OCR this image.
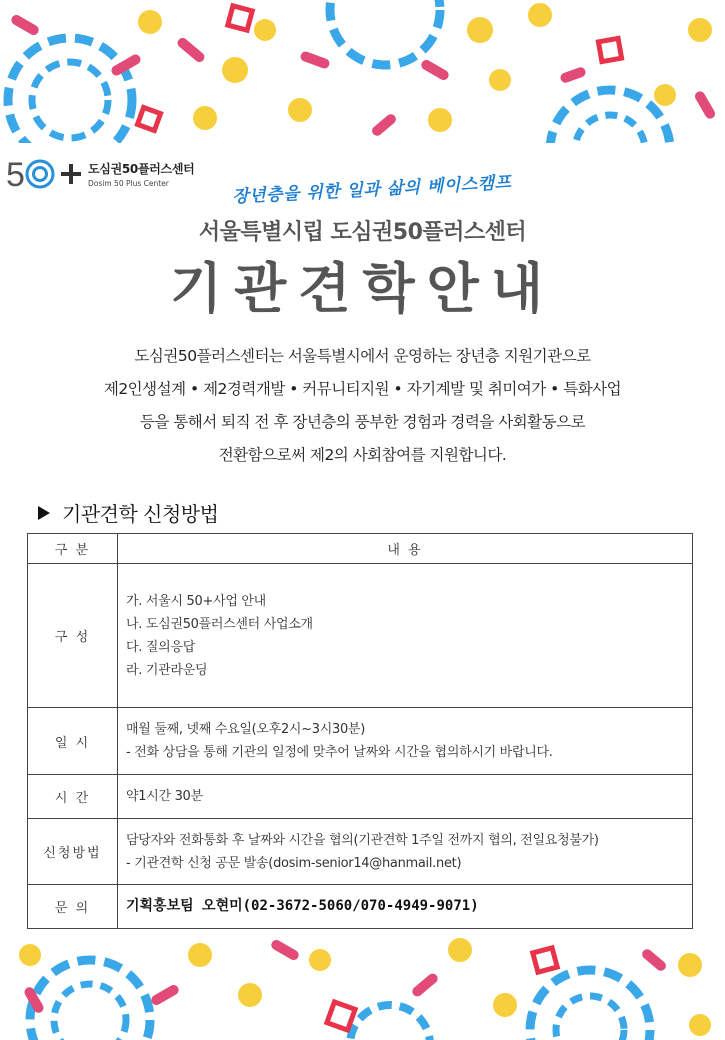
5	도심권50플러스센터
Dosim 50 Plus Center	장년층을 위한 일과 삶의 베이스캠프
서울특별시립 도심권50플러스센터
기관견학안내
도심권50플러스센터는 서울특별시에서 운영하는 장년층 지원기관으로
제2인생설계 • 제2경력개발 • 커뮤니티지원 • 자기계발 및 취미여가 • 특화사업
등을 통해서 퇴직 전 후 장년층의 풍부한 경험과 경력을 사회활동으로
전환함으로써 제2의 사회참여를 지원합니다.
기관견학 신청방법
구 분	내 용
구 성	가. 서울시 50+사업 안내
나. 도심권50플러스센터 사업소개
다. 질의응답
라. 기관라운딩

일 시	매월 둘째, 넷째 수요일(오후2시~3시30분)
- 전화 상담을 통해 기관의 일정에 맞추어 날짜와 시간을 협의하시기 바랍니다.

시 간	약1시간 30분

신청방법	담당자와 전화통화 후 날짜와 시간을 협의(기관견학 1주일 전까지 협의, 전일요청불가)
- 기관견학 신청 공문 발송(dosim-senior14@hanmail.net)

문 의	기획홍보팀 오현미(02-3672-5060/070-4949-9071)
